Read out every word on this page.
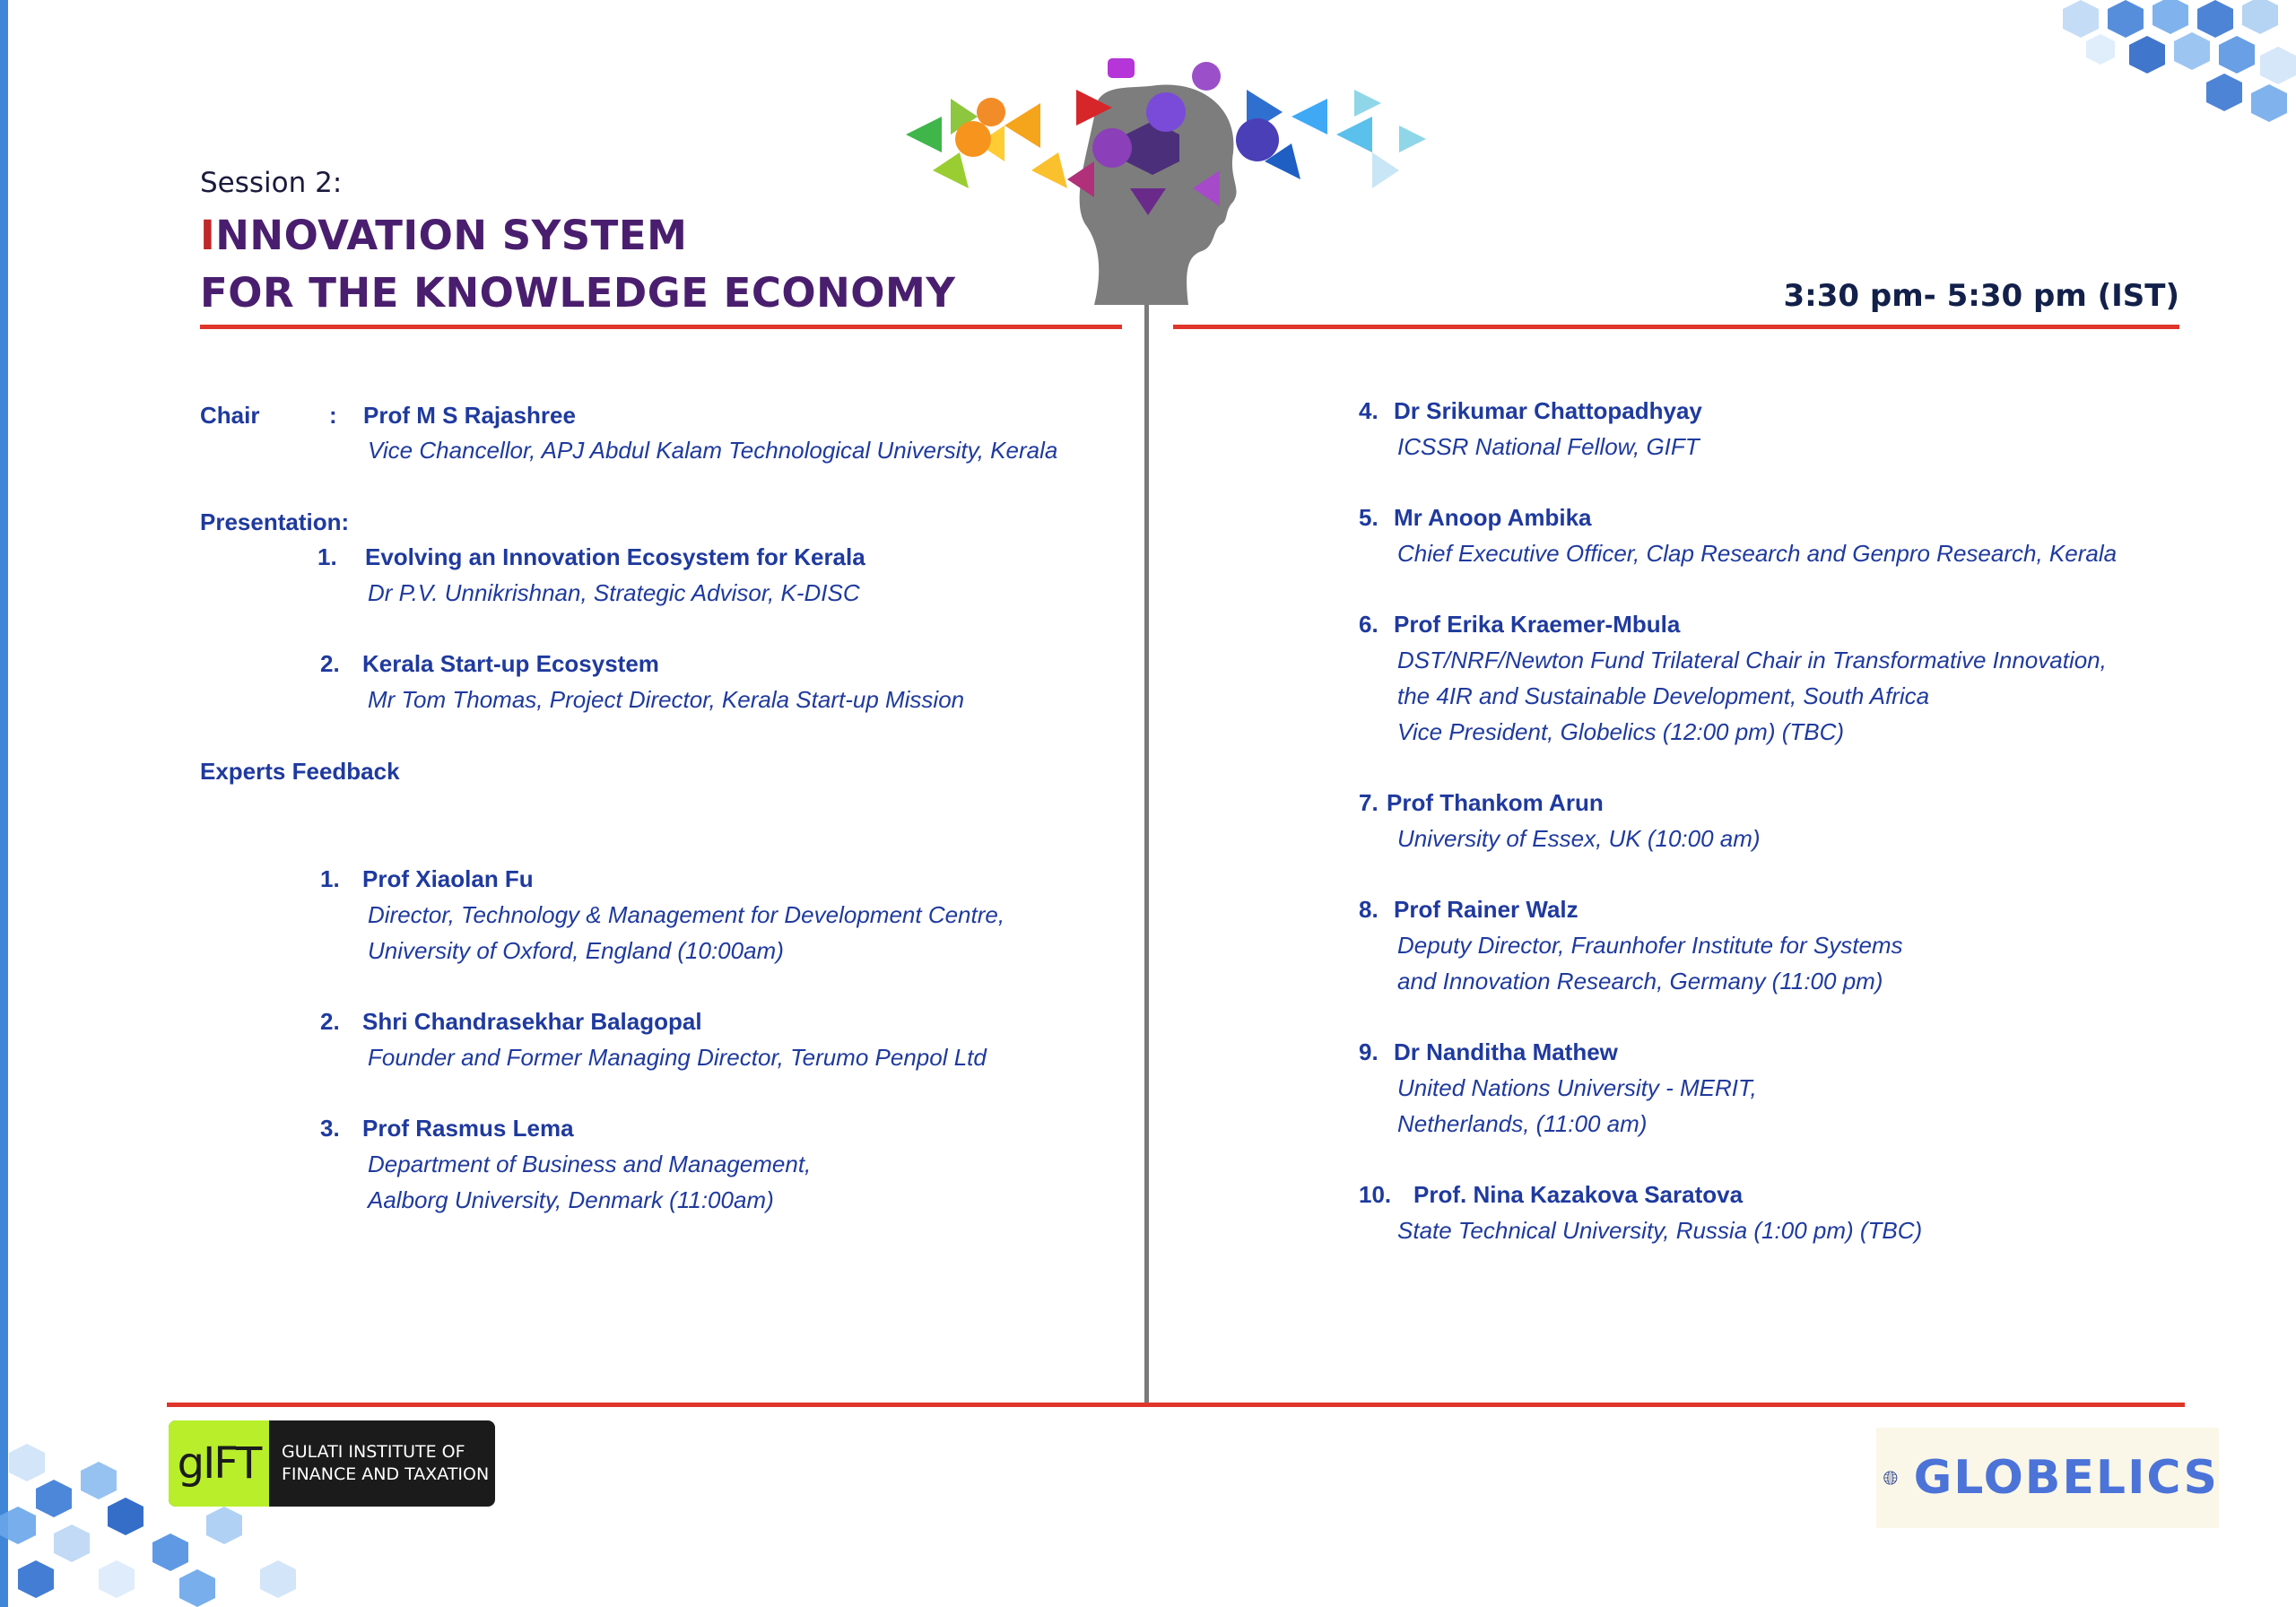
Session 2:
INNOVATION SYSTEM
FOR THE KNOWLEDGE ECONOMY	3:30 pm- 5:30 pm (IST)
Chair	: Prof M S Rajashree
Vice Chancellor, APJ Abdul Kalam Technological University, Kerala
Presentation:
1. Evolving an Innovation Ecosystem for Kerala
Dr P.V. Unnikrishnan, Strategic Advisor, K-DISC
2. Kerala Start-up Ecosystem
Mr Tom Thomas, Project Director, Kerala Start-up Mission
Experts Feedback
1. Prof Xiaolan Fu
Director, Technology & Management for Development Centre,
University of Oxford, England (10:00am)
2. Shri Chandrasekhar Balagopal
Founder and Former Managing Director, Terumo Penpol Ltd
3. Prof Rasmus Lema
Department of Business and Management,
Aalborg University, Denmark (11:00am)
4. Dr Srikumar Chattopadhyay
ICSSR National Fellow, GIFT
5. Mr Anoop Ambika
Chief Executive Officer, Clap Research and Genpro Research, Kerala
6. Prof Erika Kraemer-Mbula
DST/NRF/Newton Fund Trilateral Chair in Transformative Innovation,
the 4IR and Sustainable Development, South Africa
Vice President, Globelics (12:00 pm) (TBC)
7. Prof Thankom Arun
University of Essex, UK (10:00 am)
8. Prof Rainer Walz
Deputy Director, Fraunhofer Institute for Systems
and Innovation Research, Germany (11:00 pm)
9. Dr Nanditha Mathew
United Nations University - MERIT,
Netherlands, (11:00 am)
10. Prof. Nina Kazakova Saratova
State Technical University, Russia (1:00 pm) (TBC)
gIFT	GULATI INSTITUTE OF
FINANCE AND TAXATION	GLOBELICS
